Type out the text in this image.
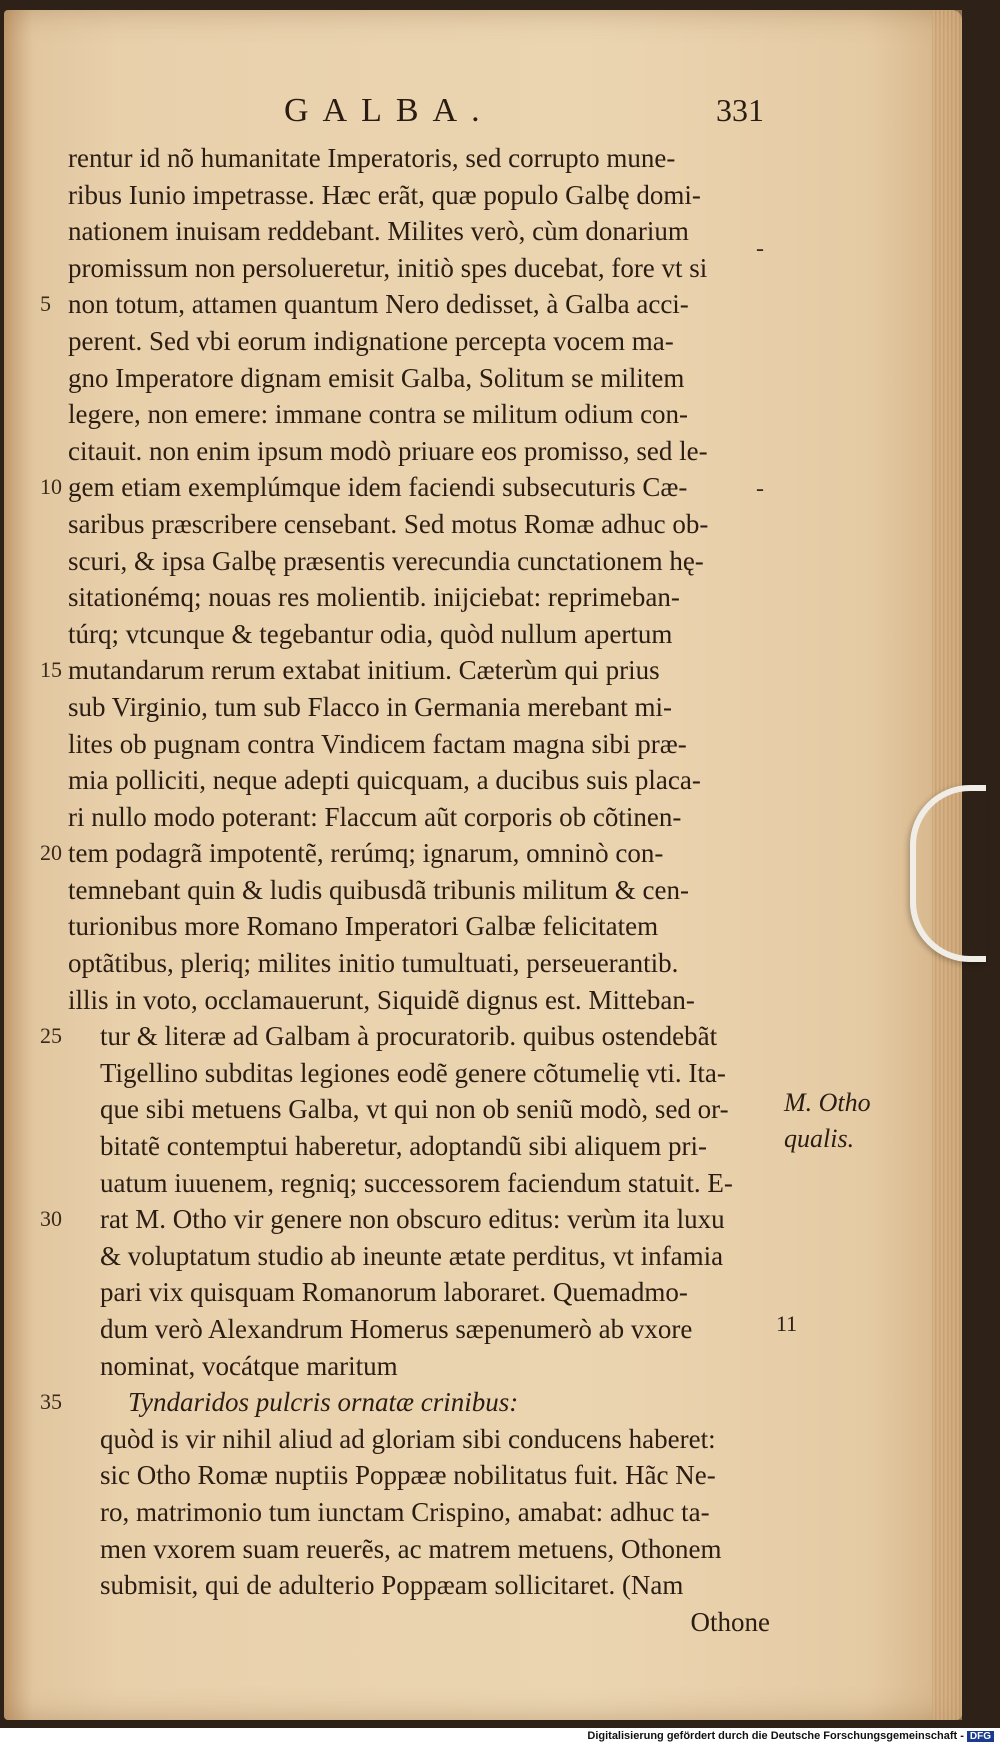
GALBA.	331
rentur id nõ humanitate Imperatoris, sed corrupto mune-
ribus Iunio impetrasse. Hæc erãt, quæ populo Galbę domi-
nationem inuisam reddebant. Milites verò, cùm donarium
promissum non persolueretur, initiò spes ducebat, fore vt si
5 non totum, attamen quantum Nero dedisset, à Galba acci-
perent. Sed vbi eorum indignatione percepta vocem ma-
gno Imperatore dignam emisit Galba, Solitum se militem
legere, non emere: immane contra se militum odium con-
citauit. non enim ipsum modò priuare eos promisso, sed le-
10 gem etiam exemplúmque idem faciendi subsecuturis Cæ-
saribus præscribere censebant. Sed motus Romæ adhuc ob-
scuri, & ipsa Galbę præsentis verecundia cunctationem hę-
sitationémq; nouas res molientib. inijciebat: reprimeban-
túrq; vtcunque & tegebantur odia, quòd nullum apertum
15 mutandarum rerum extabat initium. Cæterùm qui prius
sub Virginio, tum sub Flacco in Germania merebant mi-
lites ob pugnam contra Vindicem factam magna sibi præ-
mia polliciti, neque adepti quicquam, a ducibus suis placa-
ri nullo modo poterant: Flaccum aũt corporis ob cõtinen-
20 tem podagrã impotentẽ, rerúmq; ignarum, omninò con-
temnebant quin & ludis quibusdã tribunis militum & cen-
turionibus more Romano Imperatori Galbæ felicitatem
optãtibus, pleriq; milites initio tumultuati, perseuerantib.
illis in voto, occlamauerunt, Siquidẽ dignus est. Mitteban-
25 tur & literæ ad Galbam à procuratorib. quibus ostendebãt
Tigellino subditas legiones eodẽ genere cõtumelię vti. Ita-
que sibi metuens Galba, vt qui non ob seniũ modò, sed or-
bitatẽ contemptui haberetur, adoptandũ sibi aliquem pri-
uatum iuuenem, regniq; successorem faciendum statuit. E-
30 rat M. Otho vir genere non obscuro editus: verùm ita luxu
& voluptatum studio ab ineunte ætate perditus, vt infamia
pari vix quisquam Romanorum laboraret. Quemadmo-
dum verò Alexandrum Homerus sæpenumerò ab vxore
nominat, vocátque maritum
35 Tyndaridos pulcris ornatæ crinibus:
quòd is vir nihil aliud ad gloriam sibi conducens haberet:
sic Otho Romæ nuptiis Poppææ nobilitatus fuit. Hãc Ne-
ro, matrimonio tum iunctam Crispino, amabat: adhuc ta-
men vxorem suam reuerẽs, ac matrem metuens, Othonem
submisit, qui de adulterio Poppæam sollicitaret. (Nam
Othone
M. Otho
qualis.
11
-
-
Digitalisierung gefördert durch die Deutsche Forschungsgemeinschaft - DFG
